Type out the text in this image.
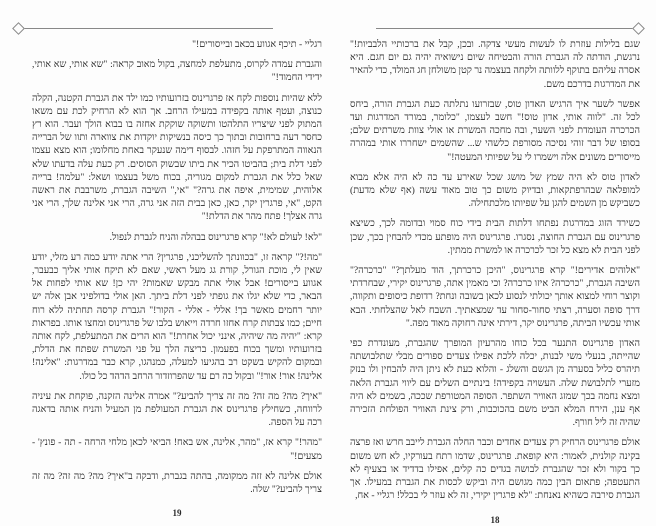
רגליי - תיכף אגווע בכאב ובייסורים!"

והגברת עמדה לקרוס, מתעלפת למחצה, בקול מאוב קראה: "שא אותי, שא אותי, ידידי החמוד!"

ללא שהיות נוספות לקח אז פרגרינוס בזרועותיו כמו ילד את הגברת הקטנה, הקלה כנוצה, ועטף אותה בקפידה במעילו הרחב. אך הוא לא הרחיק לכת עם משאו המתוק לפני שיצריו התלהטו ותשוקה שוקקת אחזה בו בבוא הולך ועבר. הוא רץ כחסר דעה ברחובות ובתוך כך כיסה בנשיקות יוקדות את צווארה ותוו של הברייה הנאווה המתרפקת על חזהו. לבסוף דימה שנעקר באחת מחלומו; הוא מצא עצמו לפני דלת בית; בהביטו הכיר את ביתו שבשוק הסוסים. רק כעת עלה בדעתו שלא שאל כלל את הגברת למקום מגוריה, בכוח משל בעצמו ושאל: "עלמה! ברייה אלוהית, שמימית, איפה את גרה?" "אי," השיבה הגברת, משרבבת את ראשה הקט, "אי, פרגרין יקר, כאן, כאן בבית הזה אני גרה, הרי אני אלינה שלך, הרי אני גרה אצלך! פתח מהר את הדלת!"

"לא! לעולם לא!" קרא פרגרינוס בבהלה והניח לגברת לנפול.

"מה!?" קראה זו, "בכוונתך להשליכני, פרגרין? הרי אתה יודע כמה רע מזלי, יודע שאין לי, מוכת הגורל, קורת גג מעל ראשי, שאם לא תיקח אותי אליך כבעבר, אגווע בייסורים! אבל אולי אתה מבקש שאמות? יהי כן! שא אותי לפחות אל הבאר, כדי שלא יגלו את גופתי לפני דלת ביתך. האן אולי בדולפיני אבן אלה יש יותר רחמים מאשר בך! אללי - אללי - הקור!" הגברת קרסה תחתיה ללא רוח חיים; כמו צבתות קרח אחזו חרדה וייאוש בלבו של פרגרינוס ומחצו אותו. בפראות קרא: "יהיה מה שיהיה, אינני יכול אחרת!" הוא הרים את המתעלפת, לקח אותה בזרועותיו ומשך בכוח בפעמון. בריצה הלך על פני המשרת שפתח את הדלת, ובמקום להקיש בשקט רב בהגיעו למעלה, כמנהגו, קרא כבר במדרגות: "אלינה! אלינה! אור! אור!" ובקול כה רם עד שהפרוזדור הרחב הדהד כל כולו.

"איך? מה? מה זה? מה זה צריך להביע?" אמרה אלינה הזקנה, פוקחת את עיניה לרווחה, כשחילץ פרגרינוס את הגברת המעולפת מן המעיל והניח אותה בדאגה רכה על הספה.

"מהר!" קרא אז, "מהר, אלינה, אש באח! הביאי לכאן מלחי הרחה - תה - פונץ' - מצעים!"

אולם אלינה לא זזה ממקומה, בהתה בגברת, ודבקה ב"איך? מה? מה זה? מה זה צריך להביע?" שלה.

19

שגם בלילות עוזרת לו לעשות מעשי צדקה. ובכן, קבל את ברכותיי הלבביות!" נרגשת, הודתה לה הגברת הורה והבטיחה שיום נישואיה יהיה גם יום חגם. היא אסרה עליהם בתוקף ללוותה ולקחה בעצמה נר קטן משולחן חג המולד, כדי להאיר את המדרגות בדרכם משם.

אפשר לשער איך הרגיש האדון טוס, שבזרועו נתלתה כעת הגברת הורה, ביחס לכל זה. "לווה אותי, אדון טוס!" חשב לעצמו, "כלומר, במורד המדרגות ועד הכרכרה העומדת לפני השער, ובה מחכה המשרת או אולי צוות משרתים שלם; בסופו של דבר זוהי נסיכה מסורפת כלשהי ש... שהשמים ישחררו אותי במהרה מייסורים משונים אלה וישמרו לי על שפיותי המעטה!"

לאדון טוס לא היה שמץ של מושג שכל שאירע עד כה לא היה אלא מבוא למופלאה שבהרפתקאות, ובדיוק משום כך טוב מאוד עשה (אף שלא מדעת) כשביקש מן השמים להגן על שפיותו מלכתחילה.

כשירד הזוג במדרגות נפתחו דלתות הבית בידי כוח סמוי ובדומה לכך, כשיצא פרגרינוס עם הגברת החוצה, נסגרו. פרגרינוס היה מופתע מכדי להבחין בכך, שכן לפני הבית לא מצא כל זכר לכרכרה או למשרת ממתין.

"אלוהים אדירים!" קרא פרגרינוס, "היכן כרכרתך, הוד מעלתך?" "כרכרה?" השיבה הגברת, "כרכרה? איזו כרכרה? וכי מאמין אתה, פרגרינוס יקירי, שבחרדתי וקוצר רוחי למצוא אותך יכולתי לנסוע לכאן בשובה ונחת? רדופת כיסופים ותקווה, דרך סופה וסערה, רצתי סחור-סחור עד שמצאתיך. השבח לאל שהצלחתי. הבא אותי עכשיו הביתה, פרגרינוס יקר, דירתי אינה רחוקה מאוד מפה."

האדון פרגרינוס התנער בכל כוחו מהרעיון המופרך שהגברת, מעונדרת כפי שהייתה, בנעלי משי לבנות, יכלה ללכת אפילו צעדים ספורים מבלי שתלבושתה תיהרס כליל בסערה מן הגשם והשלג - והלוא כעת לא ניתן היה להבחין ולו בנזק מזערי לתלבושת שלה. העשויה בקפידה! בינתיים השלים עם ליווי הגברת הלאה ומצא נחמה בכך שמזג האוויר השתפר. הסופה המטורפת שככה, בשמים לא היה אף ענן, הירח המלא הביט משם בהכוכבות, ורק צינת האוויר הפולחת הזכירה שהיה זה ליל חורף.

אולם פרגרינוס הרחיק רק צעדים אחדים וכבר החלה הגברת לייבב חרש ואז פרצה בקינה קולנית, לאמור: היא קופאת. פרגרינוס, שדמו רתח בעורקיו, לא חש משום כך בקור ולא זכר שהגברת לבושה בגדים כה קלים, אפילו בדדיד או בצעיף לא התעטפה; פתאום הבין כמה מגושם היה וביקש לכסות את הגברת במעילו. אך הגברת סירבה כשהיא נאנחת: "לא פרגרין יקירי, זה לא עוזר לי בכלל! רגליי - אח,

18
